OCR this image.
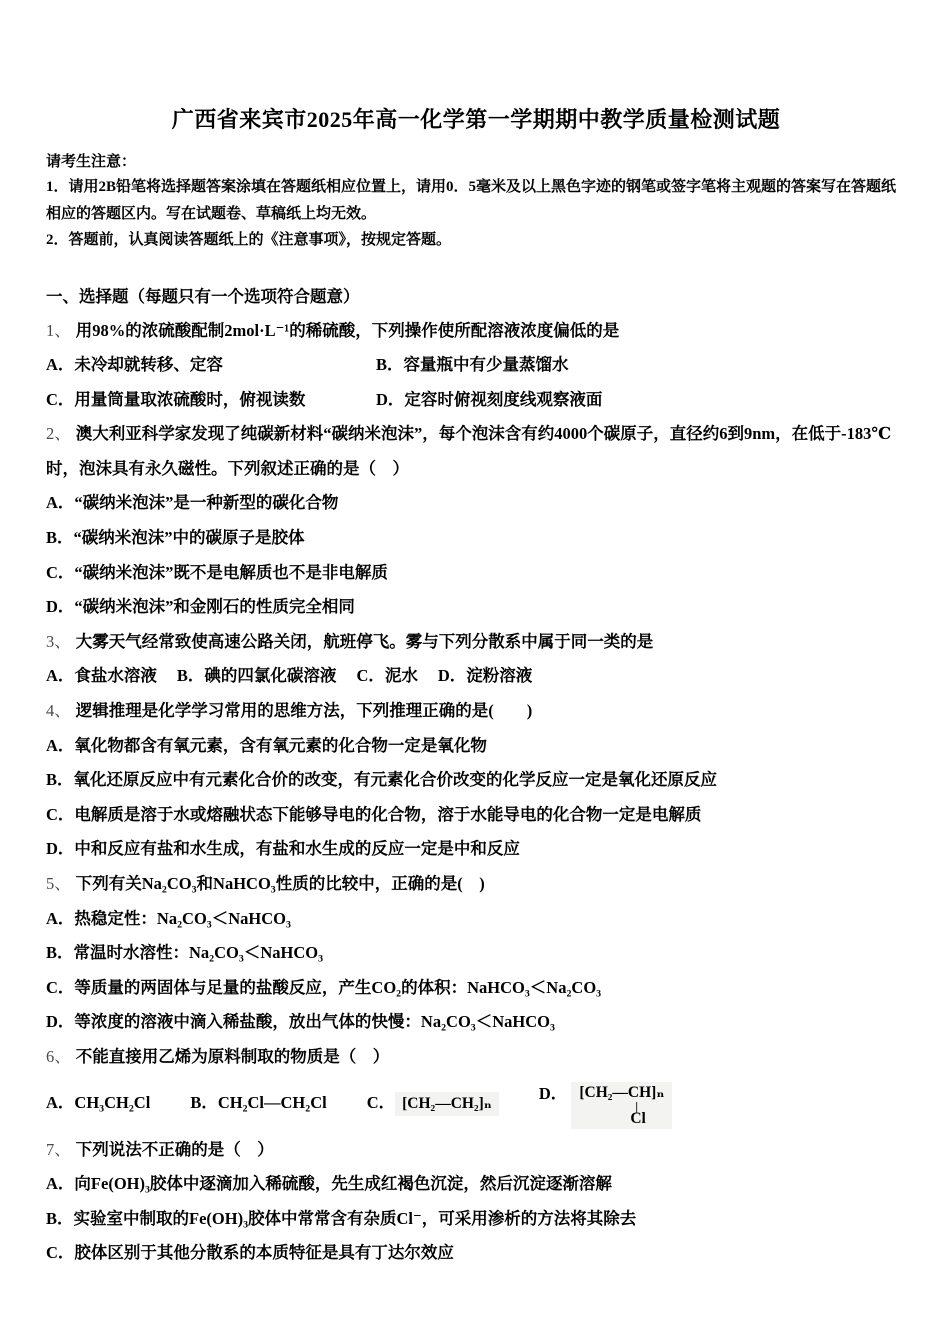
广西省来宾市2025年高一化学第一学期期中教学质量检测试题

请考生注意：

1．请用2B铅笔将选择题答案涂填在答题纸相应位置上，请用0．5毫米及以上黑色字迹的钢笔或签字笔将主观题的答案写在答题纸相应的答题区内。写在试题卷、草稿纸上均无效。

2．答题前，认真阅读答题纸上的《注意事项》，按规定答题。

一、选择题（每题只有一个选项符合题意）

1、 用98%的浓硫酸配制2mol·L⁻¹的稀硫酸，下列操作使所配溶液浓度偏低的是

A．未冷却就转移、定容	B．容量瓶中有少量蒸馏水

C．用量筒量取浓硫酸时，俯视读数	D．定容时俯视刻度线观察液面

2、 澳大利亚科学家发现了纯碳新材料“碳纳米泡沫”，每个泡沫含有约4000个碳原子，直径约6到9nm，在低于-183℃时，泡沫具有永久磁性。下列叙述正确的是（　）

A．“碳纳米泡沫”是一种新型的碳化合物

B．“碳纳米泡沫”中的碳原子是胶体

C．“碳纳米泡沫”既不是电解质也不是非电解质

D．“碳纳米泡沫”和金刚石的性质完全相同

3、 大雾天气经常致使高速公路关闭，航班停飞。雾与下列分散系中属于同一类的是

A．食盐水溶液 B．碘的四氯化碳溶液 C．泥水 D．淀粉溶液

4、 逻辑推理是化学学习常用的思维方法，下列推理正确的是(　　)

A．氧化物都含有氧元素，含有氧元素的化合物一定是氧化物

B．氧化还原反应中有元素化合价的改变，有元素化合价改变的化学反应一定是氧化还原反应

C．电解质是溶于水或熔融状态下能够导电的化合物，溶于水能导电的化合物一定是电解质

D．中和反应有盐和水生成，有盐和水生成的反应一定是中和反应

5、 下列有关Na₂CO₃和NaHCO₃性质的比较中，正确的是(　)

A．热稳定性：Na₂CO₃＜NaHCO₃

B．常温时水溶性：Na₂CO₃＜NaHCO₃

C．等质量的两固体与足量的盐酸反应，产生CO₂的体积：NaHCO₃＜Na₂CO₃

D．等浓度的溶液中滴入稀盐酸，放出气体的快慢：Na₂CO₃＜NaHCO₃

6、 不能直接用乙烯为原料制取的物质是（　）

A．CH₃CH₂Cl B．CH₂Cl—CH₂Cl C． [CH₂—CH₂]ₙ

D． [CH₂—CH]ₙ
|
Cl

7、 下列说法不正确的是（　）

A．向Fe(OH)₃胶体中逐滴加入稀硫酸，先生成红褐色沉淀，然后沉淀逐渐溶解

B．实验室中制取的Fe(OH)₃胶体中常常含有杂质Cl⁻，可采用渗析的方法将其除去

C．胶体区别于其他分散系的本质特征是具有丁达尔效应
